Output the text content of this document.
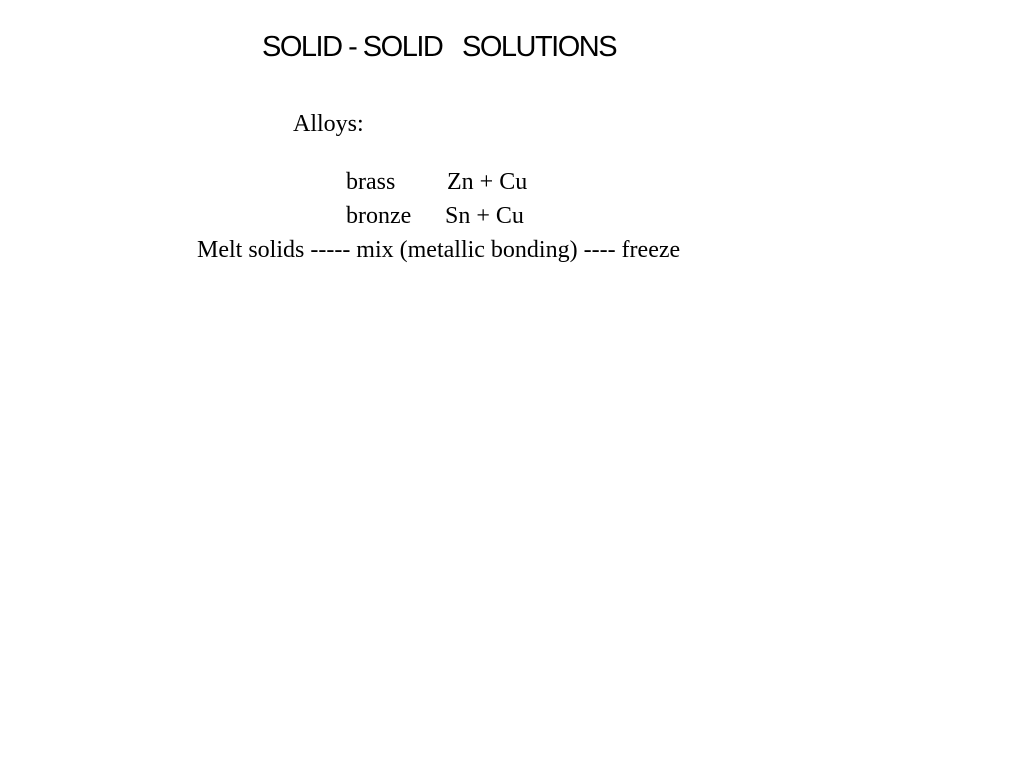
SOLID - SOLID   SOLUTIONS
Alloys:

brass Zn + Cu

bronze Sn + Cu

Melt solids ----- mix (metallic bonding) ---- freeze
